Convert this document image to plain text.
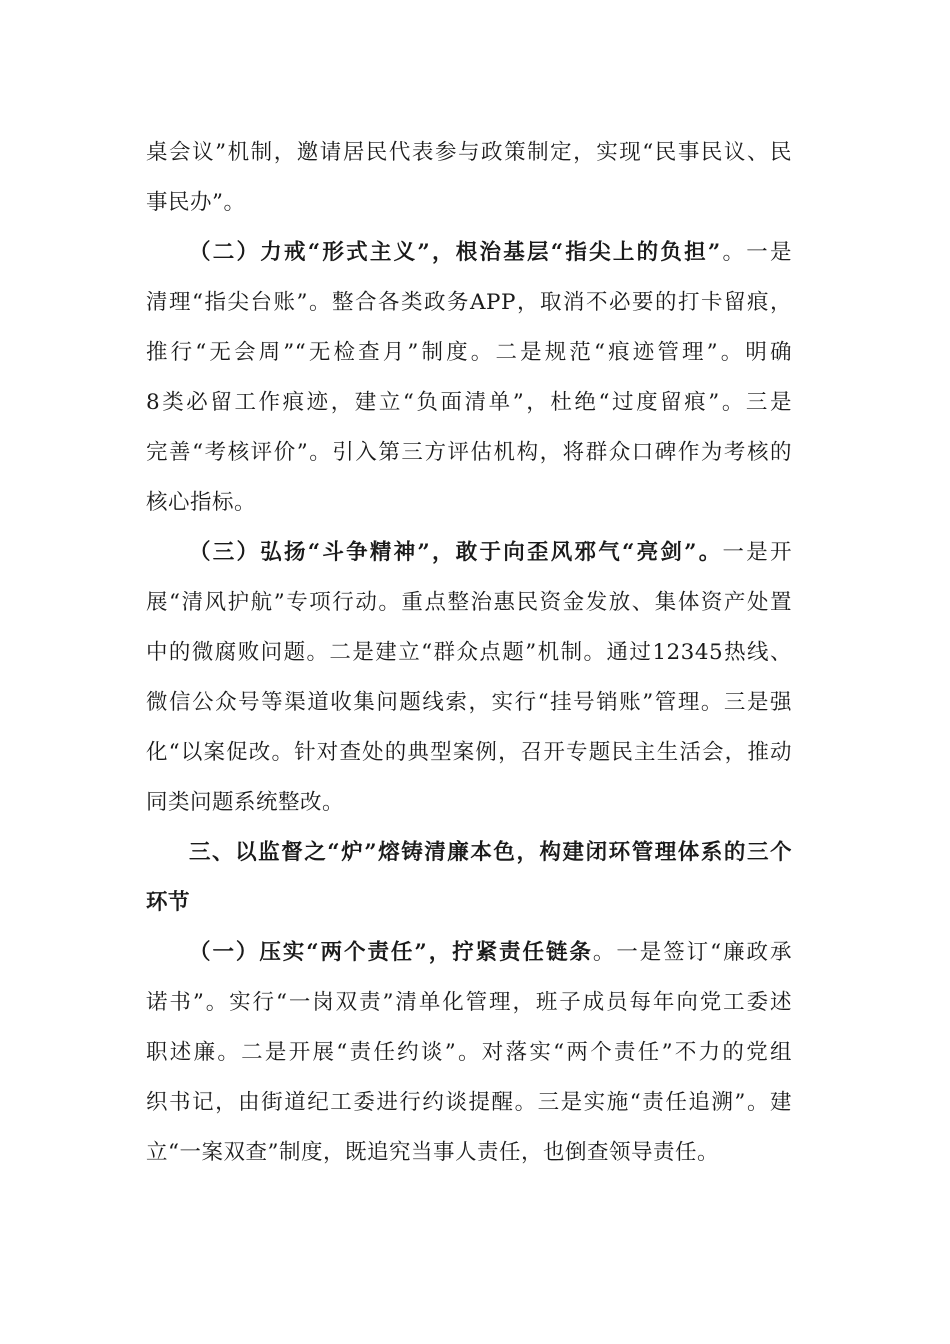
桌会议”机制，邀请居民代表参与政策制定，实现“民事民议、民
事民办”。
（二）力戒“形式主义”，根治基层“指尖上的负担”。一是
清理“指尖台账”。整合各类政务APP，取消不必要的打卡留痕，
推行“无会周”“无检查月”制度。二是规范“痕迹管理”。明确
8类必留工作痕迹，建立“负面清单”，杜绝“过度留痕”。三是
完善“考核评价”。引入第三方评估机构，将群众口碑作为考核的
核心指标。
（三）弘扬“斗争精神”，敢于向歪风邪气“亮剑”。一是开
展“清风护航”专项行动。重点整治惠民资金发放、集体资产处置
中的微腐败问题。二是建立“群众点题”机制。通过12345热线、
微信公众号等渠道收集问题线索，实行“挂号销账”管理。三是强
化“以案促改。针对查处的典型案例，召开专题民主生活会，推动
同类问题系统整改。
三、以监督之“炉”熔铸清廉本色，构建闭环管理体系的三个
环节
（一）压实“两个责任”，拧紧责任链条。一是签订“廉政承
诺书”。实行“一岗双责”清单化管理，班子成员每年向党工委述
职述廉。二是开展“责任约谈”。对落实“两个责任”不力的党组
织书记，由街道纪工委进行约谈提醒。三是实施“责任追溯”。建
立“一案双查”制度，既追究当事人责任，也倒查领导责任。
